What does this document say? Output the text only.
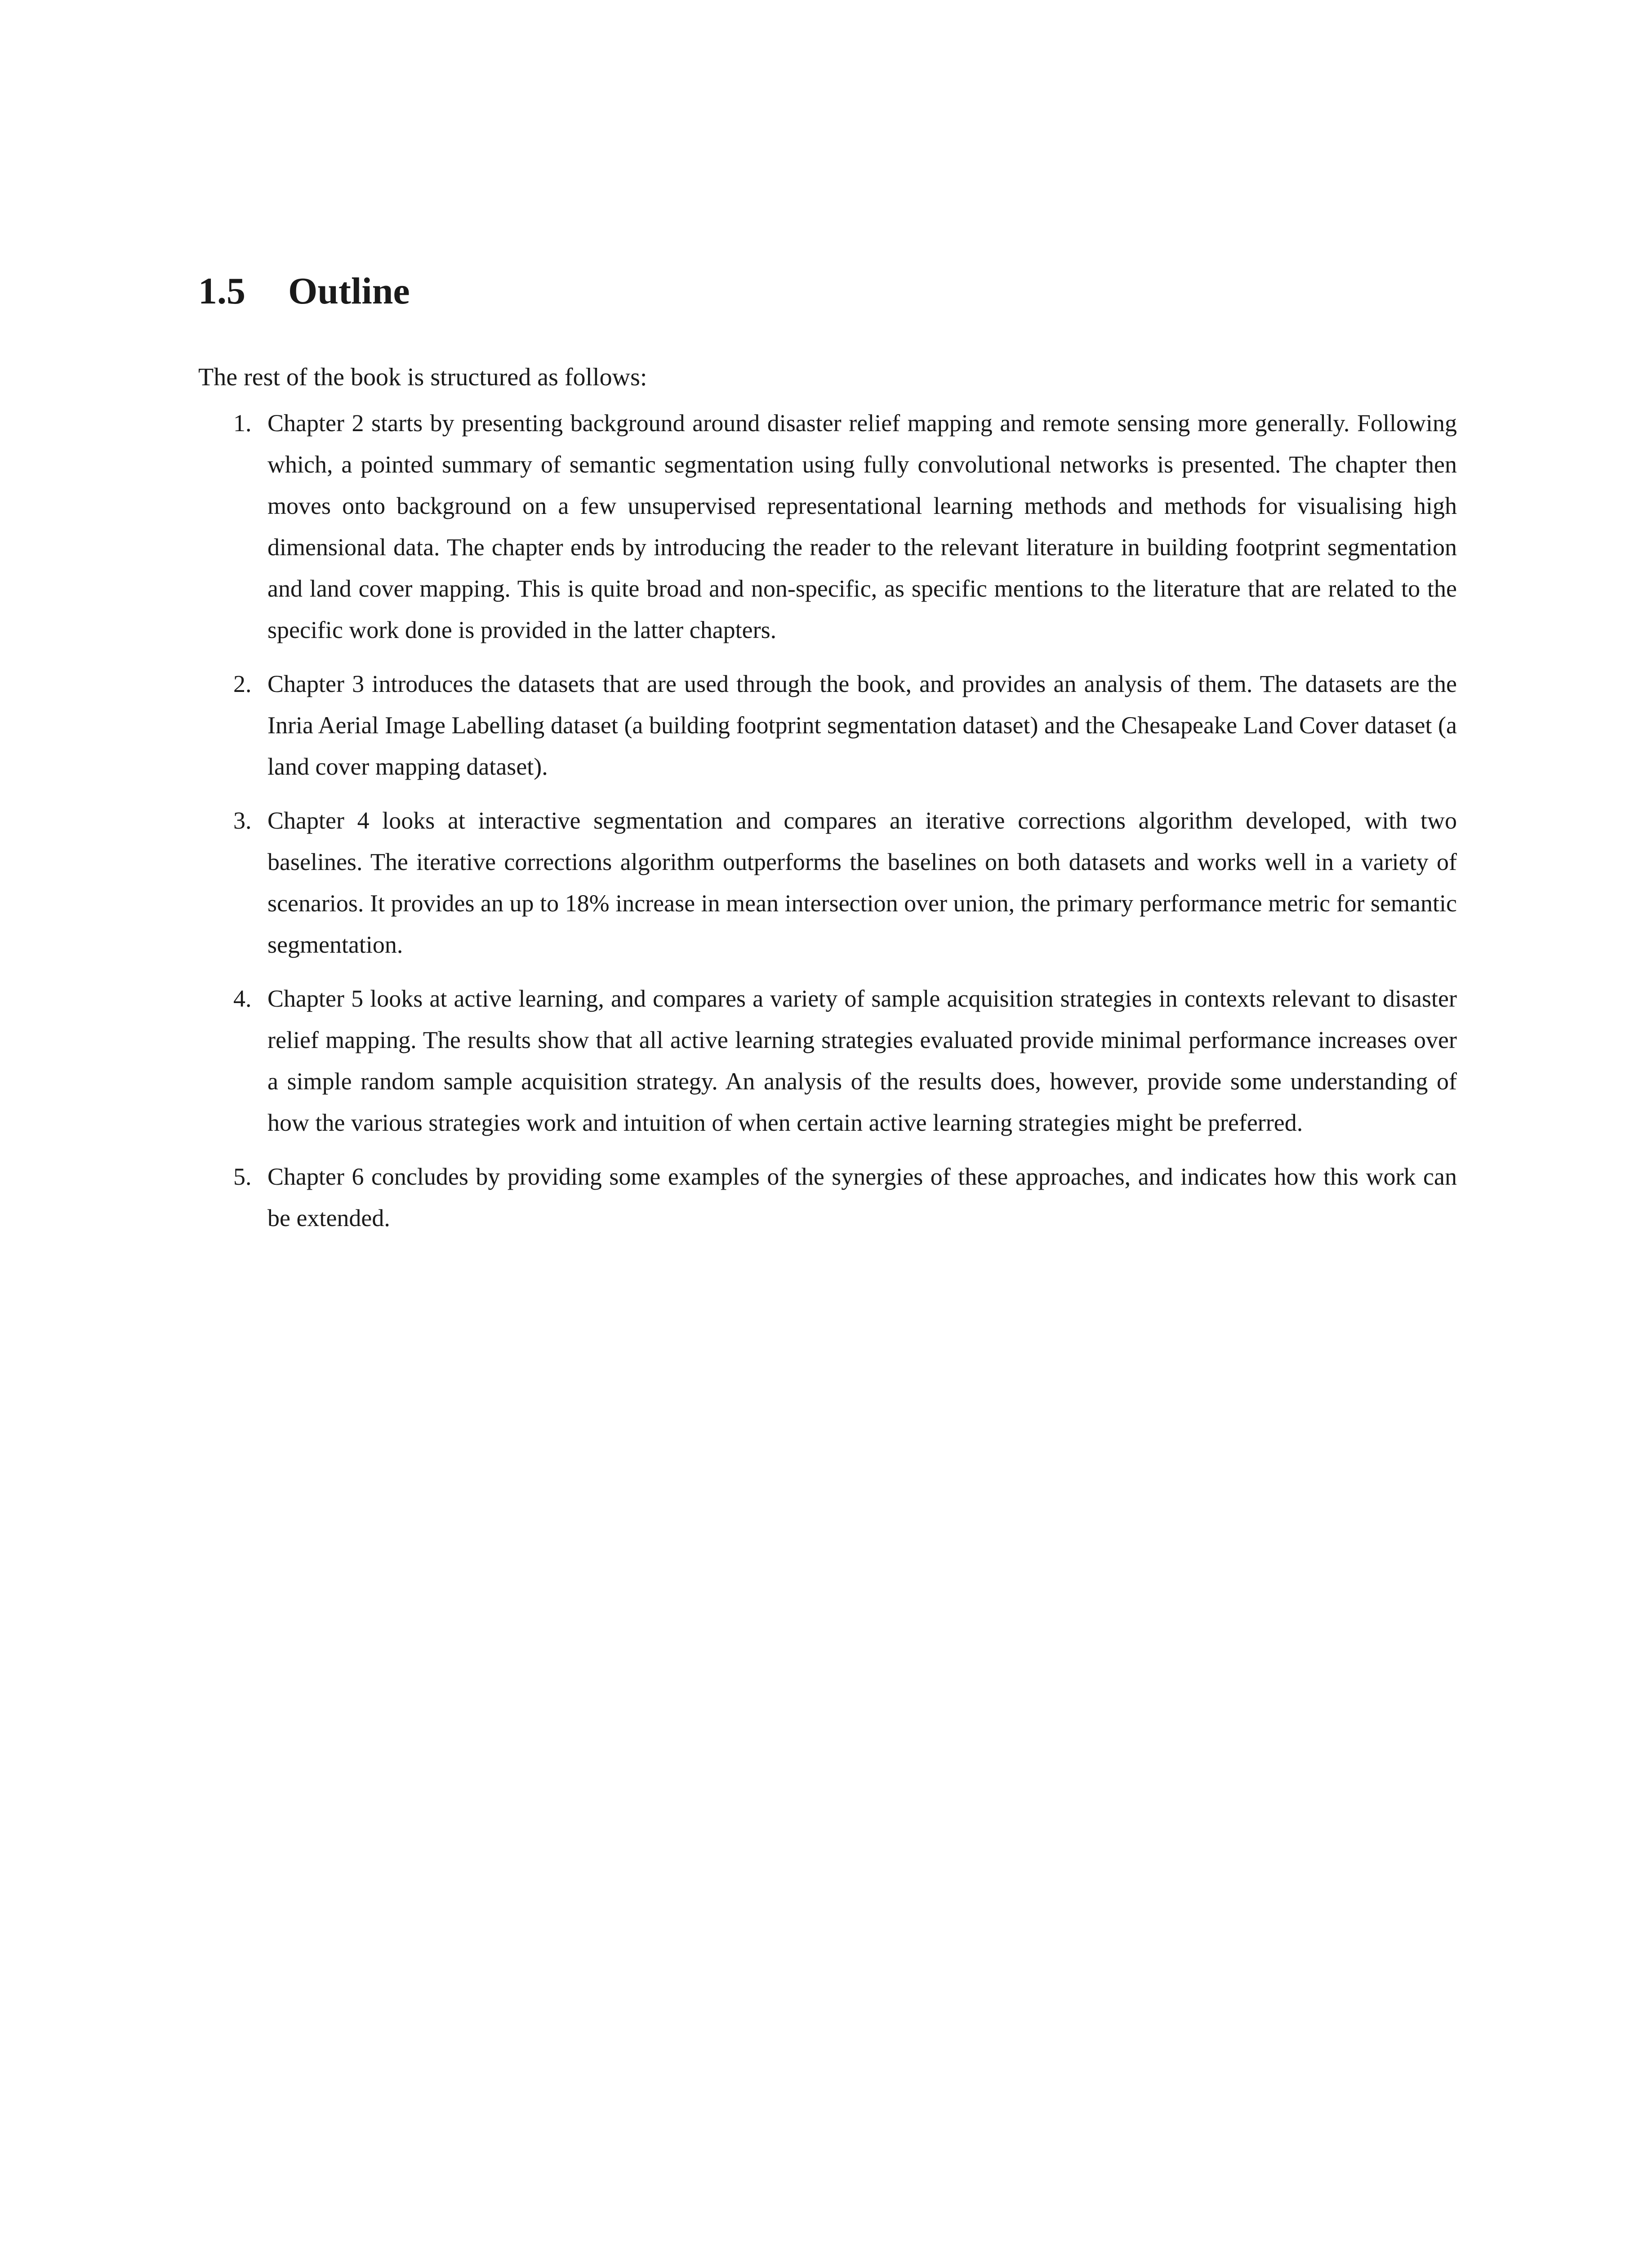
1.5 Outline

The rest of the book is structured as follows:

1. Chapter 2 starts by presenting background around disaster relief mapping and remote sensing more generally. Following which, a pointed summary of semantic segmentation using fully convolutional networks is presented. The chapter then moves onto background on a few unsupervised representational learning methods and methods for visualising high dimensional data. The chapter ends by introducing the reader to the relevant literature in building footprint segmentation and land cover mapping. This is quite broad and non-specific, as specific mentions to the literature that are related to the specific work done is provided in the latter chapters.
2. Chapter 3 introduces the datasets that are used through the book, and provides an analysis of them. The datasets are the Inria Aerial Image Labelling dataset (a building footprint segmentation dataset) and the Chesapeake Land Cover dataset (a land cover mapping dataset).
3. Chapter 4 looks at interactive segmentation and compares an iterative corrections algorithm developed, with two baselines. The iterative corrections algorithm outperforms the baselines on both datasets and works well in a variety of scenarios. It provides an up to 18% increase in mean intersection over union, the primary performance metric for semantic segmentation.
4. Chapter 5 looks at active learning, and compares a variety of sample acquisition strategies in contexts relevant to disaster relief mapping. The results show that all active learning strategies evaluated provide minimal performance increases over a simple random sample acquisition strategy. An analysis of the results does, however, provide some understanding of how the various strategies work and intuition of when certain active learning strategies might be preferred.
5. Chapter 6 concludes by providing some examples of the synergies of these approaches, and indicates how this work can be extended.
